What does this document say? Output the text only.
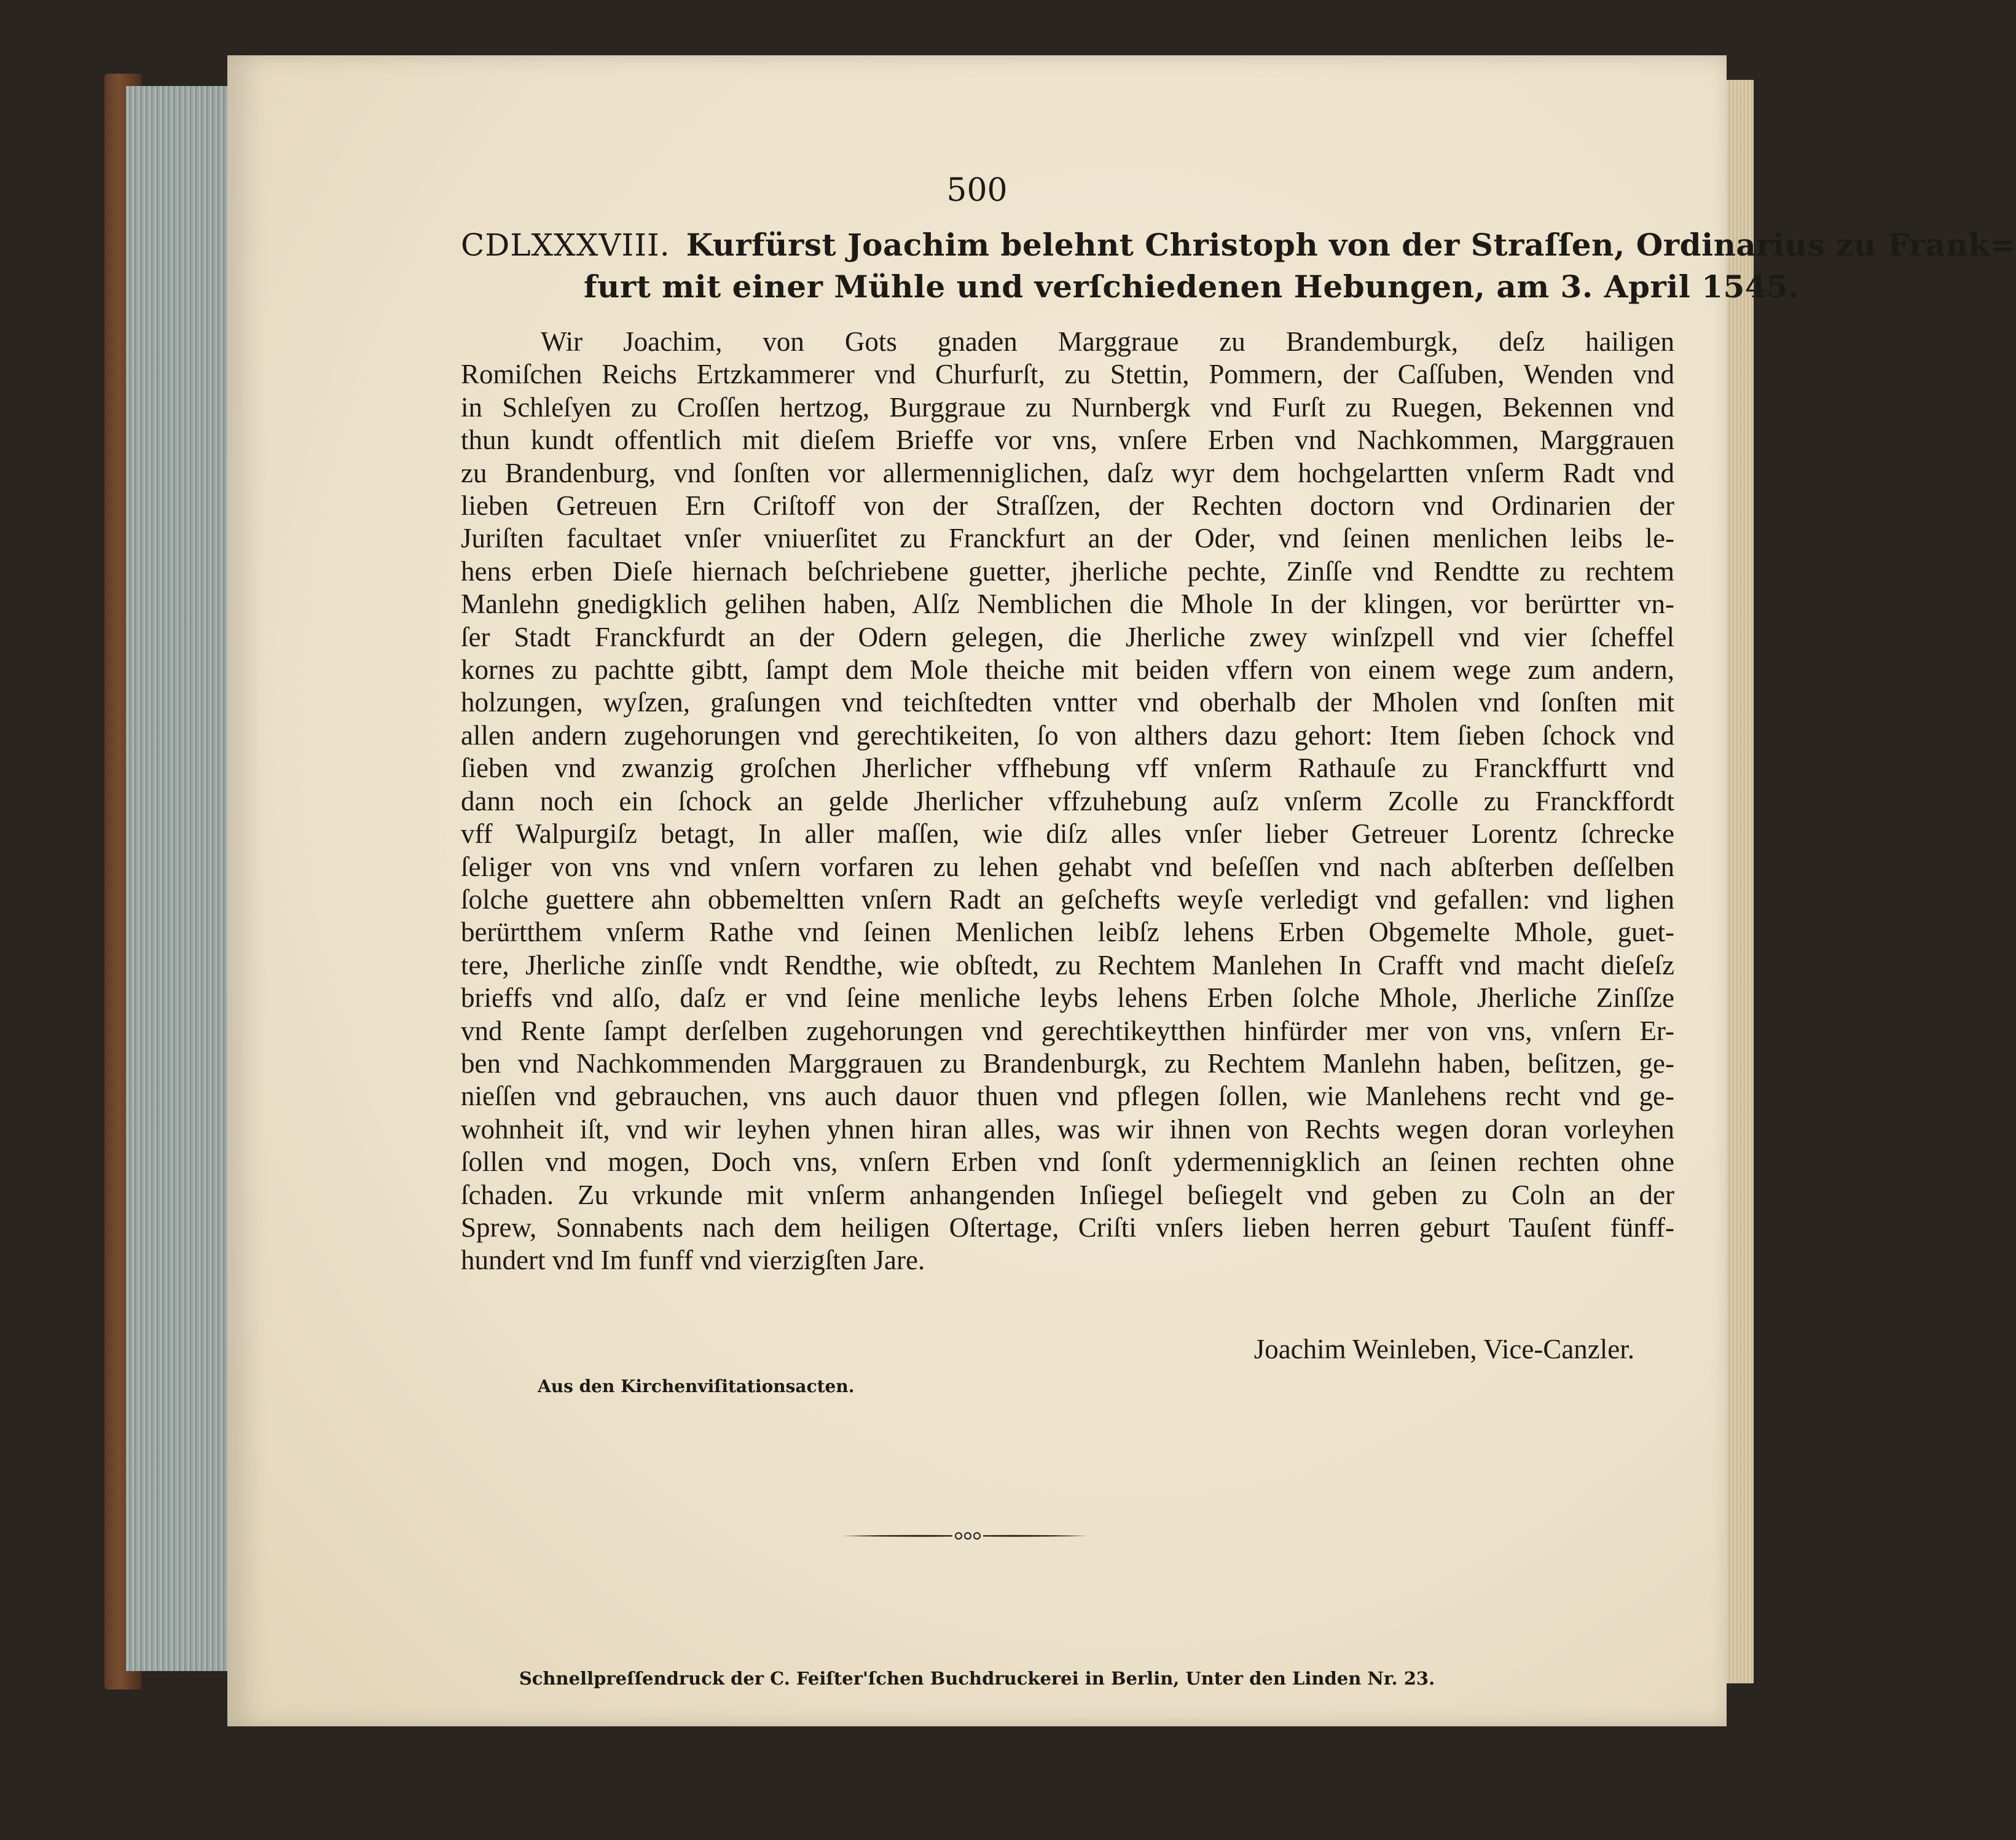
500
CDLXXXVIII. Kurfürst Joachim belehnt Christoph von der Straſſen, Ordinarius zu Frank=
furt mit einer Mühle und verſchiedenen Hebungen, am 3. April 1545.
Wir Joachim, von Gots gnaden Marggraue zu Brandemburgk, deſz hailigen
Romiſchen Reichs Ertzkammerer vnd Churfurſt, zu Stettin, Pommern, der Caſſuben, Wenden vnd
in Schleſyen zu Croſſen hertzog, Burggraue zu Nurnbergk vnd Furſt zu Ruegen, Bekennen vnd
thun kundt offentlich mit dieſem Brieffe vor vns, vnſere Erben vnd Nachkommen, Marggrauen
zu Brandenburg, vnd ſonſten vor allermenniglichen, daſz wyr dem hochgelartten vnſerm Radt vnd
lieben Getreuen Ern Criſtoff von der Straſſzen, der Rechten doctorn vnd Ordinarien der
Juriſten facultaet vnſer vniuerſitet zu Franckfurt an der Oder, vnd ſeinen menlichen leibs le-
hens erben Dieſe hiernach beſchriebene guetter, jherliche pechte, Zinſſe vnd Rendtte zu rechtem
Manlehn gnedigklich gelihen haben, Alſz Nemblichen die Mhole In der klingen, vor berürtter vn-
ſer Stadt Franckfurdt an der Odern gelegen, die Jherliche zwey winſzpell vnd vier ſcheffel
kornes zu pachtte gibtt, ſampt dem Mole theiche mit beiden vffern von einem wege zum andern,
holzungen, wyſzen, graſungen vnd teichſtedten vntter vnd oberhalb der Mholen vnd ſonſten mit
allen andern zugehorungen vnd gerechtikeiten, ſo von althers dazu gehort: Item ſieben ſchock vnd
ſieben vnd zwanzig groſchen Jherlicher vffhebung vff vnſerm Rathauſe zu Franckffurtt vnd
dann noch ein ſchock an gelde Jherlicher vffzuhebung auſz vnſerm Zcolle zu Franckffordt
vff Walpurgiſz betagt, In aller maſſen, wie diſz alles vnſer lieber Getreuer Lorentz ſchrecke
ſeliger von vns vnd vnſern vorfaren zu lehen gehabt vnd beſeſſen vnd nach abſterben deſſelben
ſolche guettere ahn obbemeltten vnſern Radt an geſchefts weyſe verledigt vnd gefallen: vnd lighen
berürtthem vnſerm Rathe vnd ſeinen Menlichen leibſz lehens Erben Obgemelte Mhole, guet-
tere, Jherliche zinſſe vndt Rendthe, wie obſtedt, zu Rechtem Manlehen In Crafft vnd macht dieſeſz
brieffs vnd alſo, daſz er vnd ſeine menliche leybs lehens Erben ſolche Mhole, Jherliche Zinſſze
vnd Rente ſampt derſelben zugehorungen vnd gerechtikeytthen hinfürder mer von vns, vnſern Er-
ben vnd Nachkommenden Marggrauen zu Brandenburgk, zu Rechtem Manlehn haben, beſitzen, ge-
nieſſen vnd gebrauchen, vns auch dauor thuen vnd pflegen ſollen, wie Manlehens recht vnd ge-
wohnheit iſt, vnd wir leyhen yhnen hiran alles, was wir ihnen von Rechts wegen doran vorleyhen
ſollen vnd mogen, Doch vns, vnſern Erben vnd ſonſt ydermennigklich an ſeinen rechten ohne
ſchaden. Zu vrkunde mit vnſerm anhangenden Inſiegel beſiegelt vnd geben zu Coln an der
Sprew, Sonnabents nach dem heiligen Oſtertage, Criſti vnſers lieben herren geburt Tauſent fünff-
hundert vnd Im funff vnd vierzigſten Jare.
Joachim Weinleben, Vice-Canzler.
Aus den Kirchenviſitationsacten.
Schnellpreſſendruck der C. Feiſter'ſchen Buchdruckerei in Berlin, Unter den Linden Nr. 23.
